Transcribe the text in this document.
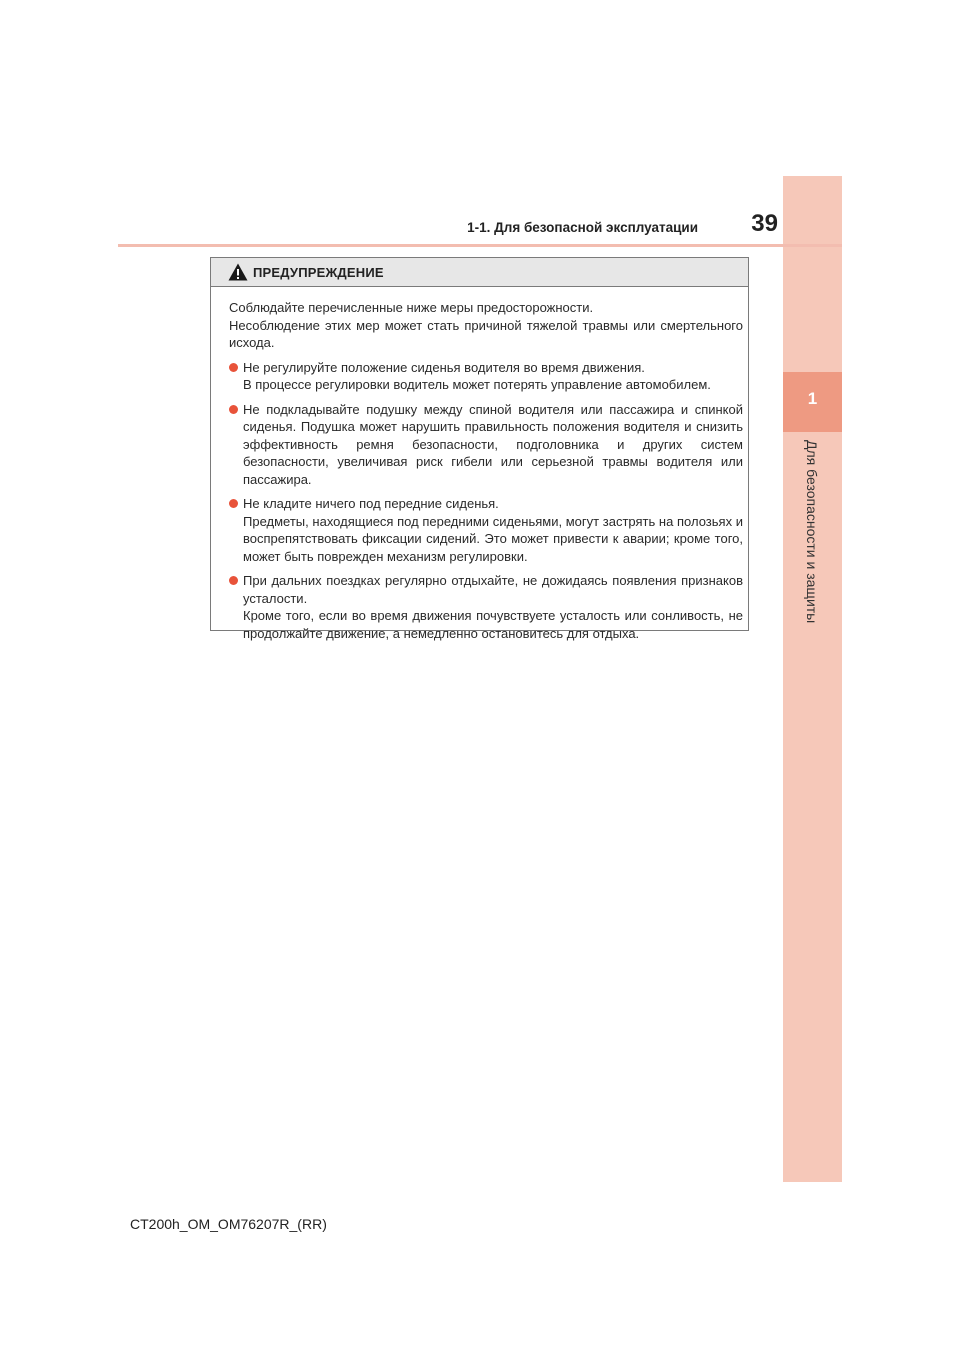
1
Для безопасности и защиты
1-1. Для безопасной эксплуатации	39
ПРЕДУПРЕЖДЕНИЕ

Соблюдайте перечисленные ниже меры предосторожности.

Несоблюдение этих мер может стать причиной тяжелой травмы или смертельного исхода.

Не регулируйте положение сиденья водителя во время движения.
В процессе регулировки водитель может потерять управление автомобилем.
Не подкладывайте подушку между спиной водителя или пассажира и спинкой сиденья. Подушка может нарушить правильность положения водителя и снизить эффективность ремня безопасности, подголовника и других систем безопасности, увеличивая риск гибели или серьезной травмы водителя или пассажира.
Не кладите ничего под передние сиденья.
Предметы, находящиеся под передними сиденьями, могут застрять на полозьях и воспрепятствовать фиксации сидений. Это может привести к аварии; кроме того, может быть поврежден механизм регулировки.
При дальних поездках регулярно отдыхайте, не дожидаясь появления признаков усталости.
Кроме того, если во время движения почувствуете усталость или сонливость, не продолжайте движение, а немедленно остановитесь для отдыха.
CT200h_OM_OM76207R_(RR)
